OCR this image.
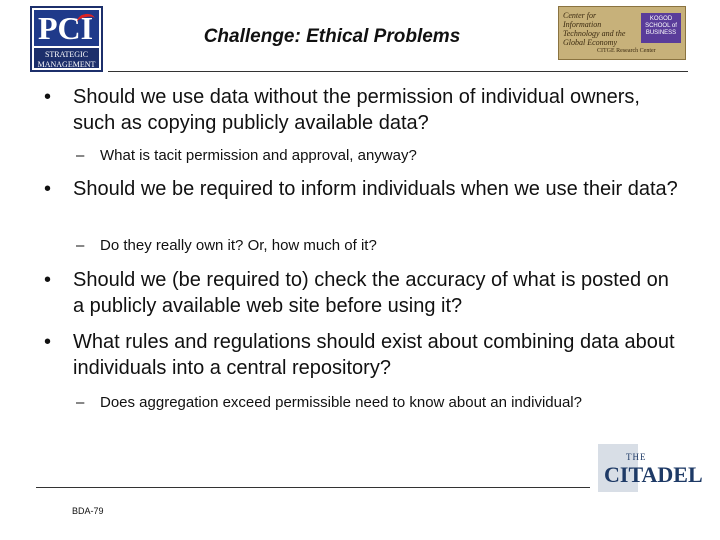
PCI
STRATEGIC
MANAGEMENT
Challenge: Ethical Problems
Center for Information Technology and the Global Economy
KOGOD SCHOOL of BUSINESS
CITGE Research Center
•	Should we use data without the permission of individual owners, such as copying publicly available data?
–	What is tacit permission and approval, anyway?
•	Should we be required to inform individuals when we use their data?
–	Do they really own it? Or, how much of it?
•	Should we (be required to) check the accuracy of what is posted on a publicly available web site before using it?
•	What rules and regulations should exist about combining data about individuals into a central repository?
–	Does aggregation exceed permissible need to know about an individual?
BDA-79
THE
CITADEL
